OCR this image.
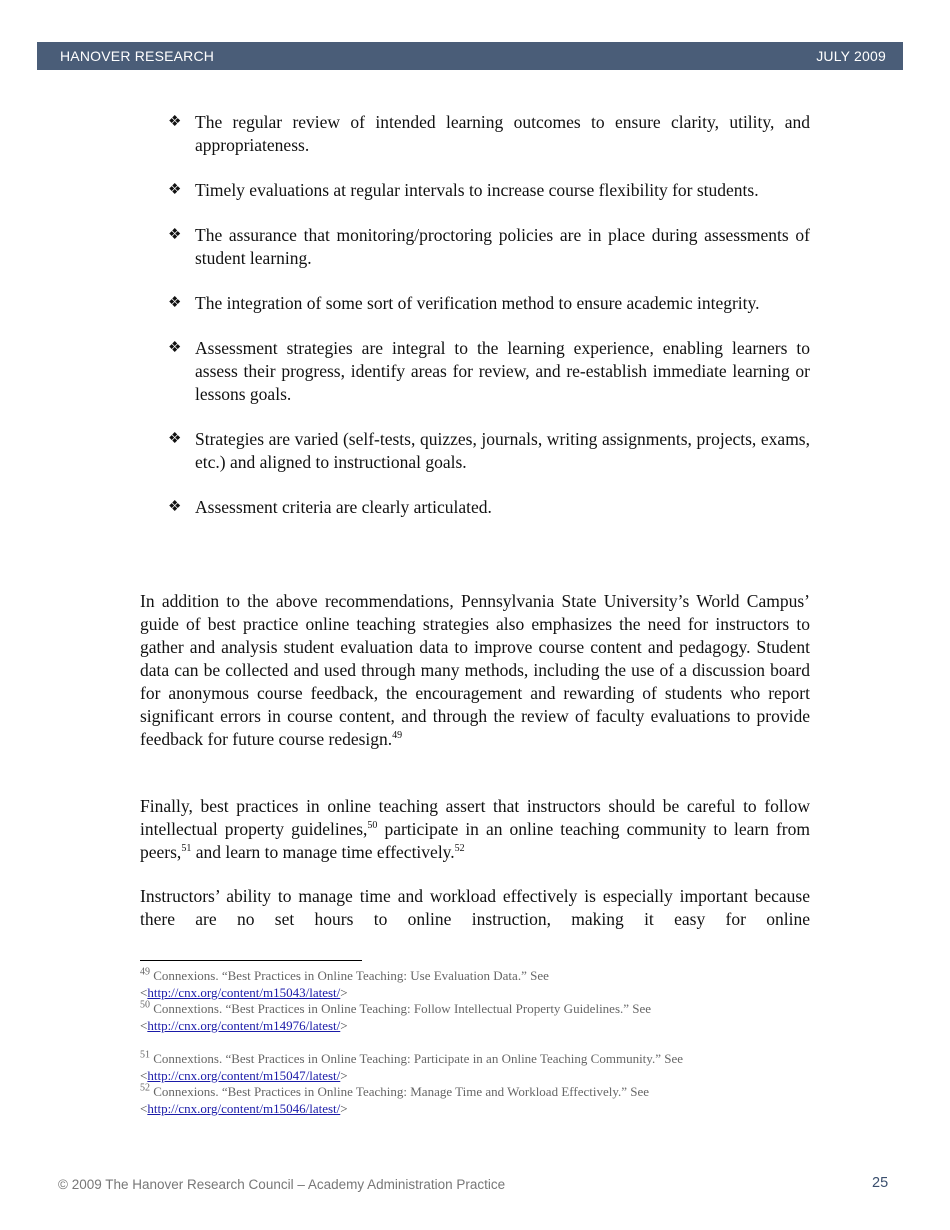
HANOVER RESEARCH	JULY 2009
❖ The regular review of intended learning outcomes to ensure clarity, utility, and appropriateness.
❖ Timely evaluations at regular intervals to increase course flexibility for students.
❖ The assurance that monitoring/proctoring policies are in place during assessments of student learning.
❖ The integration of some sort of verification method to ensure academic integrity.
❖ Assessment strategies are integral to the learning experience, enabling learners to assess their progress, identify areas for review, and re-establish immediate learning or lessons goals.
❖ Strategies are varied (self-tests, quizzes, journals, writing assignments, projects, exams, etc.) and aligned to instructional goals.
❖ Assessment criteria are clearly articulated.

In addition to the above recommendations, Pennsylvania State University’s World Campus’ guide of best practice online teaching strategies also emphasizes the need for instructors to gather and analysis student evaluation data to improve course content and pedagogy. Student data can be collected and used through many methods, including the use of a discussion board for anonymous course feedback, the encouragement and rewarding of students who report significant errors in course content, and through the review of faculty evaluations to provide feedback for future course redesign.$^{49}$

Finally, best practices in online teaching assert that instructors should be careful to follow intellectual property guidelines,$^{50}$ participate in an online teaching community to learn from peers,$^{51}$ and learn to manage time effectively.$^{52}$

Instructors’ ability to manage time and workload effectively is especially important because there are no set hours to online instruction, making it easy for online

$^{49}$ Connexions. “Best Practices in Online Teaching: Use Evaluation Data.” See
<http://cnx.org/content/m15043/latest/>

$^{50}$ Connextions. “Best Practices in Online Teaching: Follow Intellectual Property Guidelines.” See
<http://cnx.org/content/m14976/latest/>

$^{51}$ Connextions. “Best Practices in Online Teaching: Participate in an Online Teaching Community.” See
<http://cnx.org/content/m15047/latest/>

$^{52}$ Connexions. “Best Practices in Online Teaching: Manage Time and Workload Effectively.” See
<http://cnx.org/content/m15046/latest/>

© 2009 The Hanover Research Council – Academy Administration Practice	25
